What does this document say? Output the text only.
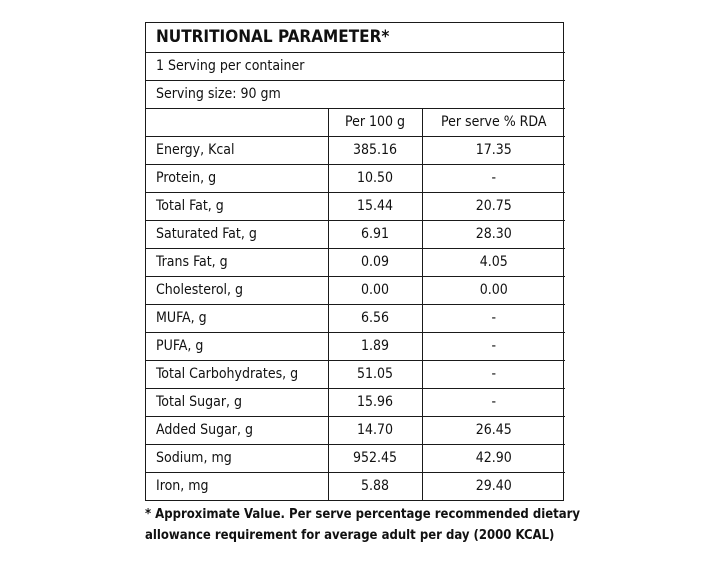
NUTRITIONAL PARAMETER*		
1 Serving per container		
Serving size: 90 gm		
	Per 100 g	Per serve % RDA
Energy, Kcal	385.16	17.35
Protein, g	10.50	-
Total Fat, g	15.44	20.75
Saturated Fat, g	6.91	28.30
Trans Fat, g	0.09	4.05
Cholesterol, g	0.00	0.00
MUFA, g	6.56	-
PUFA, g	1.89	-
Total Carbohydrates, g	51.05	-
Total Sugar, g	15.96	-
Added Sugar, g	14.70	26.45
Sodium, mg	952.45	42.90
Iron, mg	5.88	29.40

* Approximate Value. Per serve percentage recommended dietary

allowance requirement for average adult per day (2000 KCAL)
